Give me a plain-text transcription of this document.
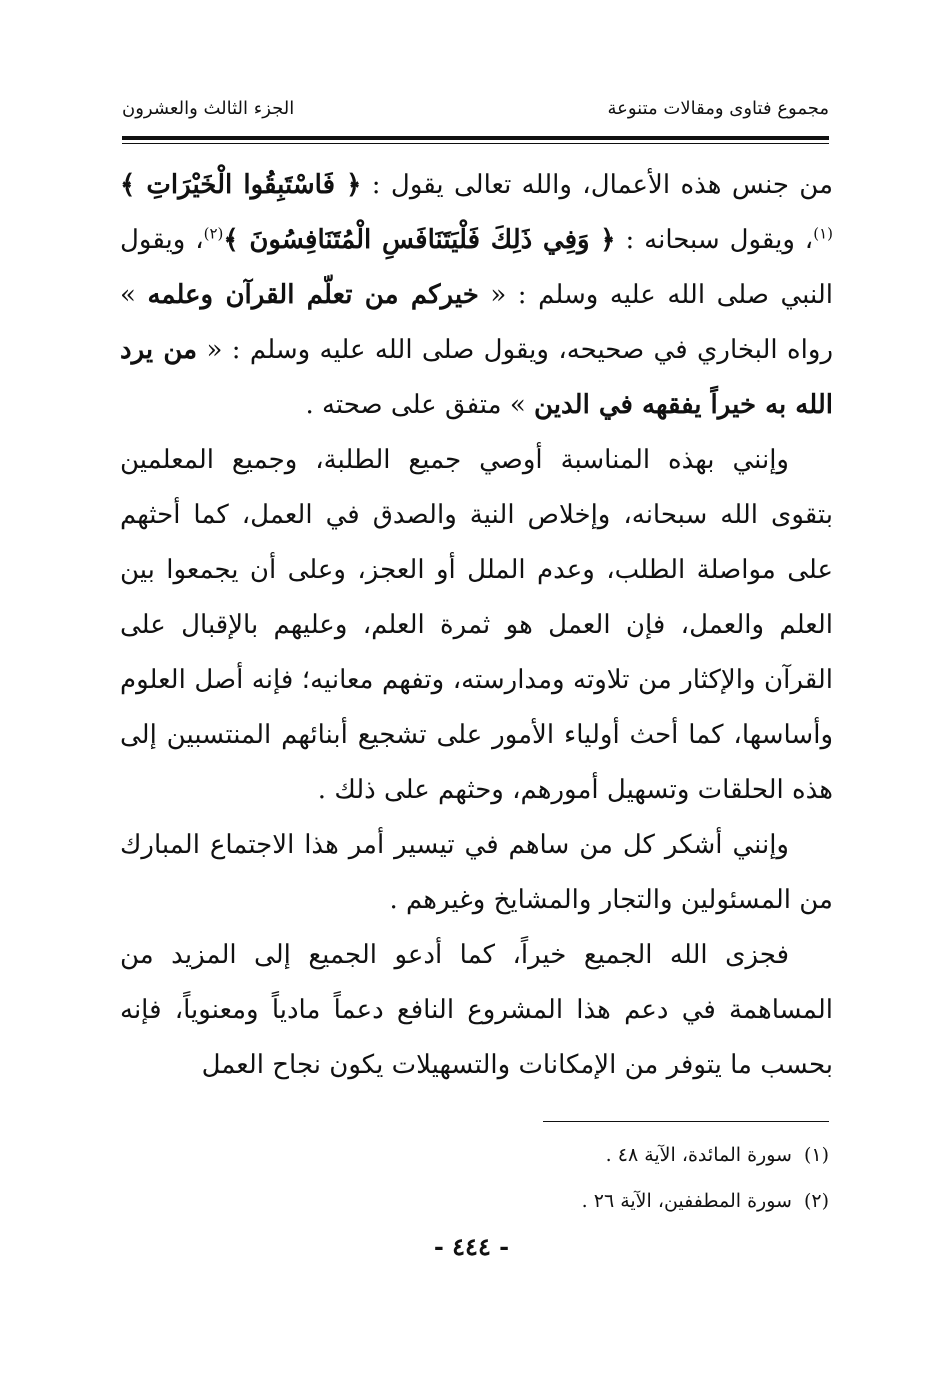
مجموع فتاوى ومقالات متنوعة
الجزء الثالث والعشرون

من جنس هذه الأعمال، والله تعالى يقول : ﴿ فَاسْتَبِقُوا الْخَيْرَاتِ ﴾$^{(١)}$، ويقول سبحانه : ﴿ وَفِي ذَلِكَ فَلْيَتَنَافَسِ الْمُتَنَافِسُونَ ﴾$^{(٢)}$، ويقول النبي صلى الله عليه وسلم : « خيركم من تعلّم القرآن وعلمه » رواه البخاري في صحيحه، ويقول صلى الله عليه وسلم : « من يرد الله به خيراً يفقهه في الدين » متفق على صحته .

وإنني بهذه المناسبة أوصي جميع الطلبة، وجميع المعلمين بتقوى الله سبحانه، وإخلاص النية والصدق في العمل، كما أحثهم على مواصلة الطلب، وعدم الملل أو العجز، وعلى أن يجمعوا بين العلم والعمل، فإن العمل هو ثمرة العلم، وعليهم بالإقبال على القرآن والإكثار من تلاوته ومدارسته، وتفهم معانيه؛ فإنه أصل العلوم وأساسها، كما أحث أولياء الأمور على تشجيع أبنائهم المنتسبين إلى هذه الحلقات وتسهيل أمورهم، وحثهم على ذلك .

وإنني أشكر كل من ساهم في تيسير أمر هذا الاجتماع المبارك من المسئولين والتجار والمشايخ وغيرهم .

فجزى الله الجميع خيراً، كما أدعو الجميع إلى المزيد من المساهمة في دعم هذا المشروع النافع دعماً مادياً ومعنوياً، فإنه بحسب ما يتوفر من الإمكانات والتسهيلات يكون نجاح العمل

(١)سورة المائدة، الآية ٤٨ .

(٢)سورة المطففين، الآية ٢٦ .

- ٤٤٤ -
